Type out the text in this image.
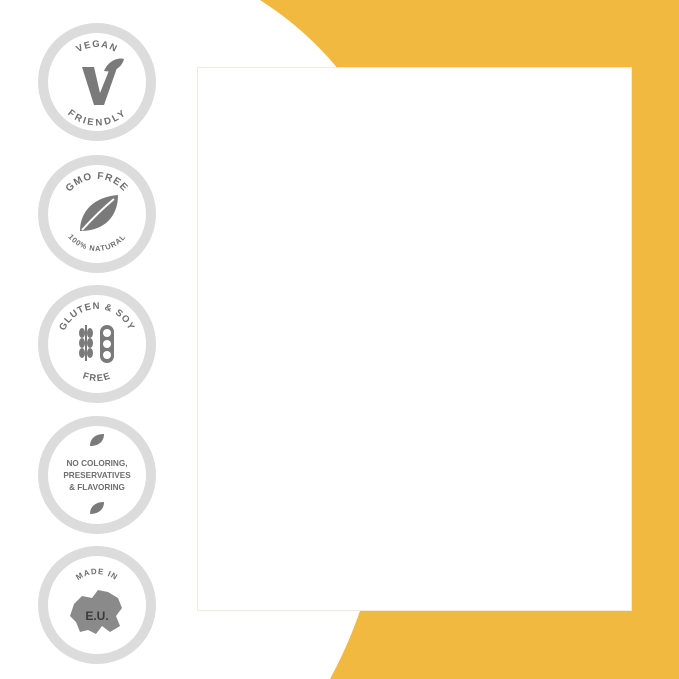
VEGAN
FRIENDLY
GMO FREE
100% NATURAL
GLUTEN & SOY
FREE
NO COLORING,
PRESERVATIVES
& FLAVORING
MADE IN
E.U.
